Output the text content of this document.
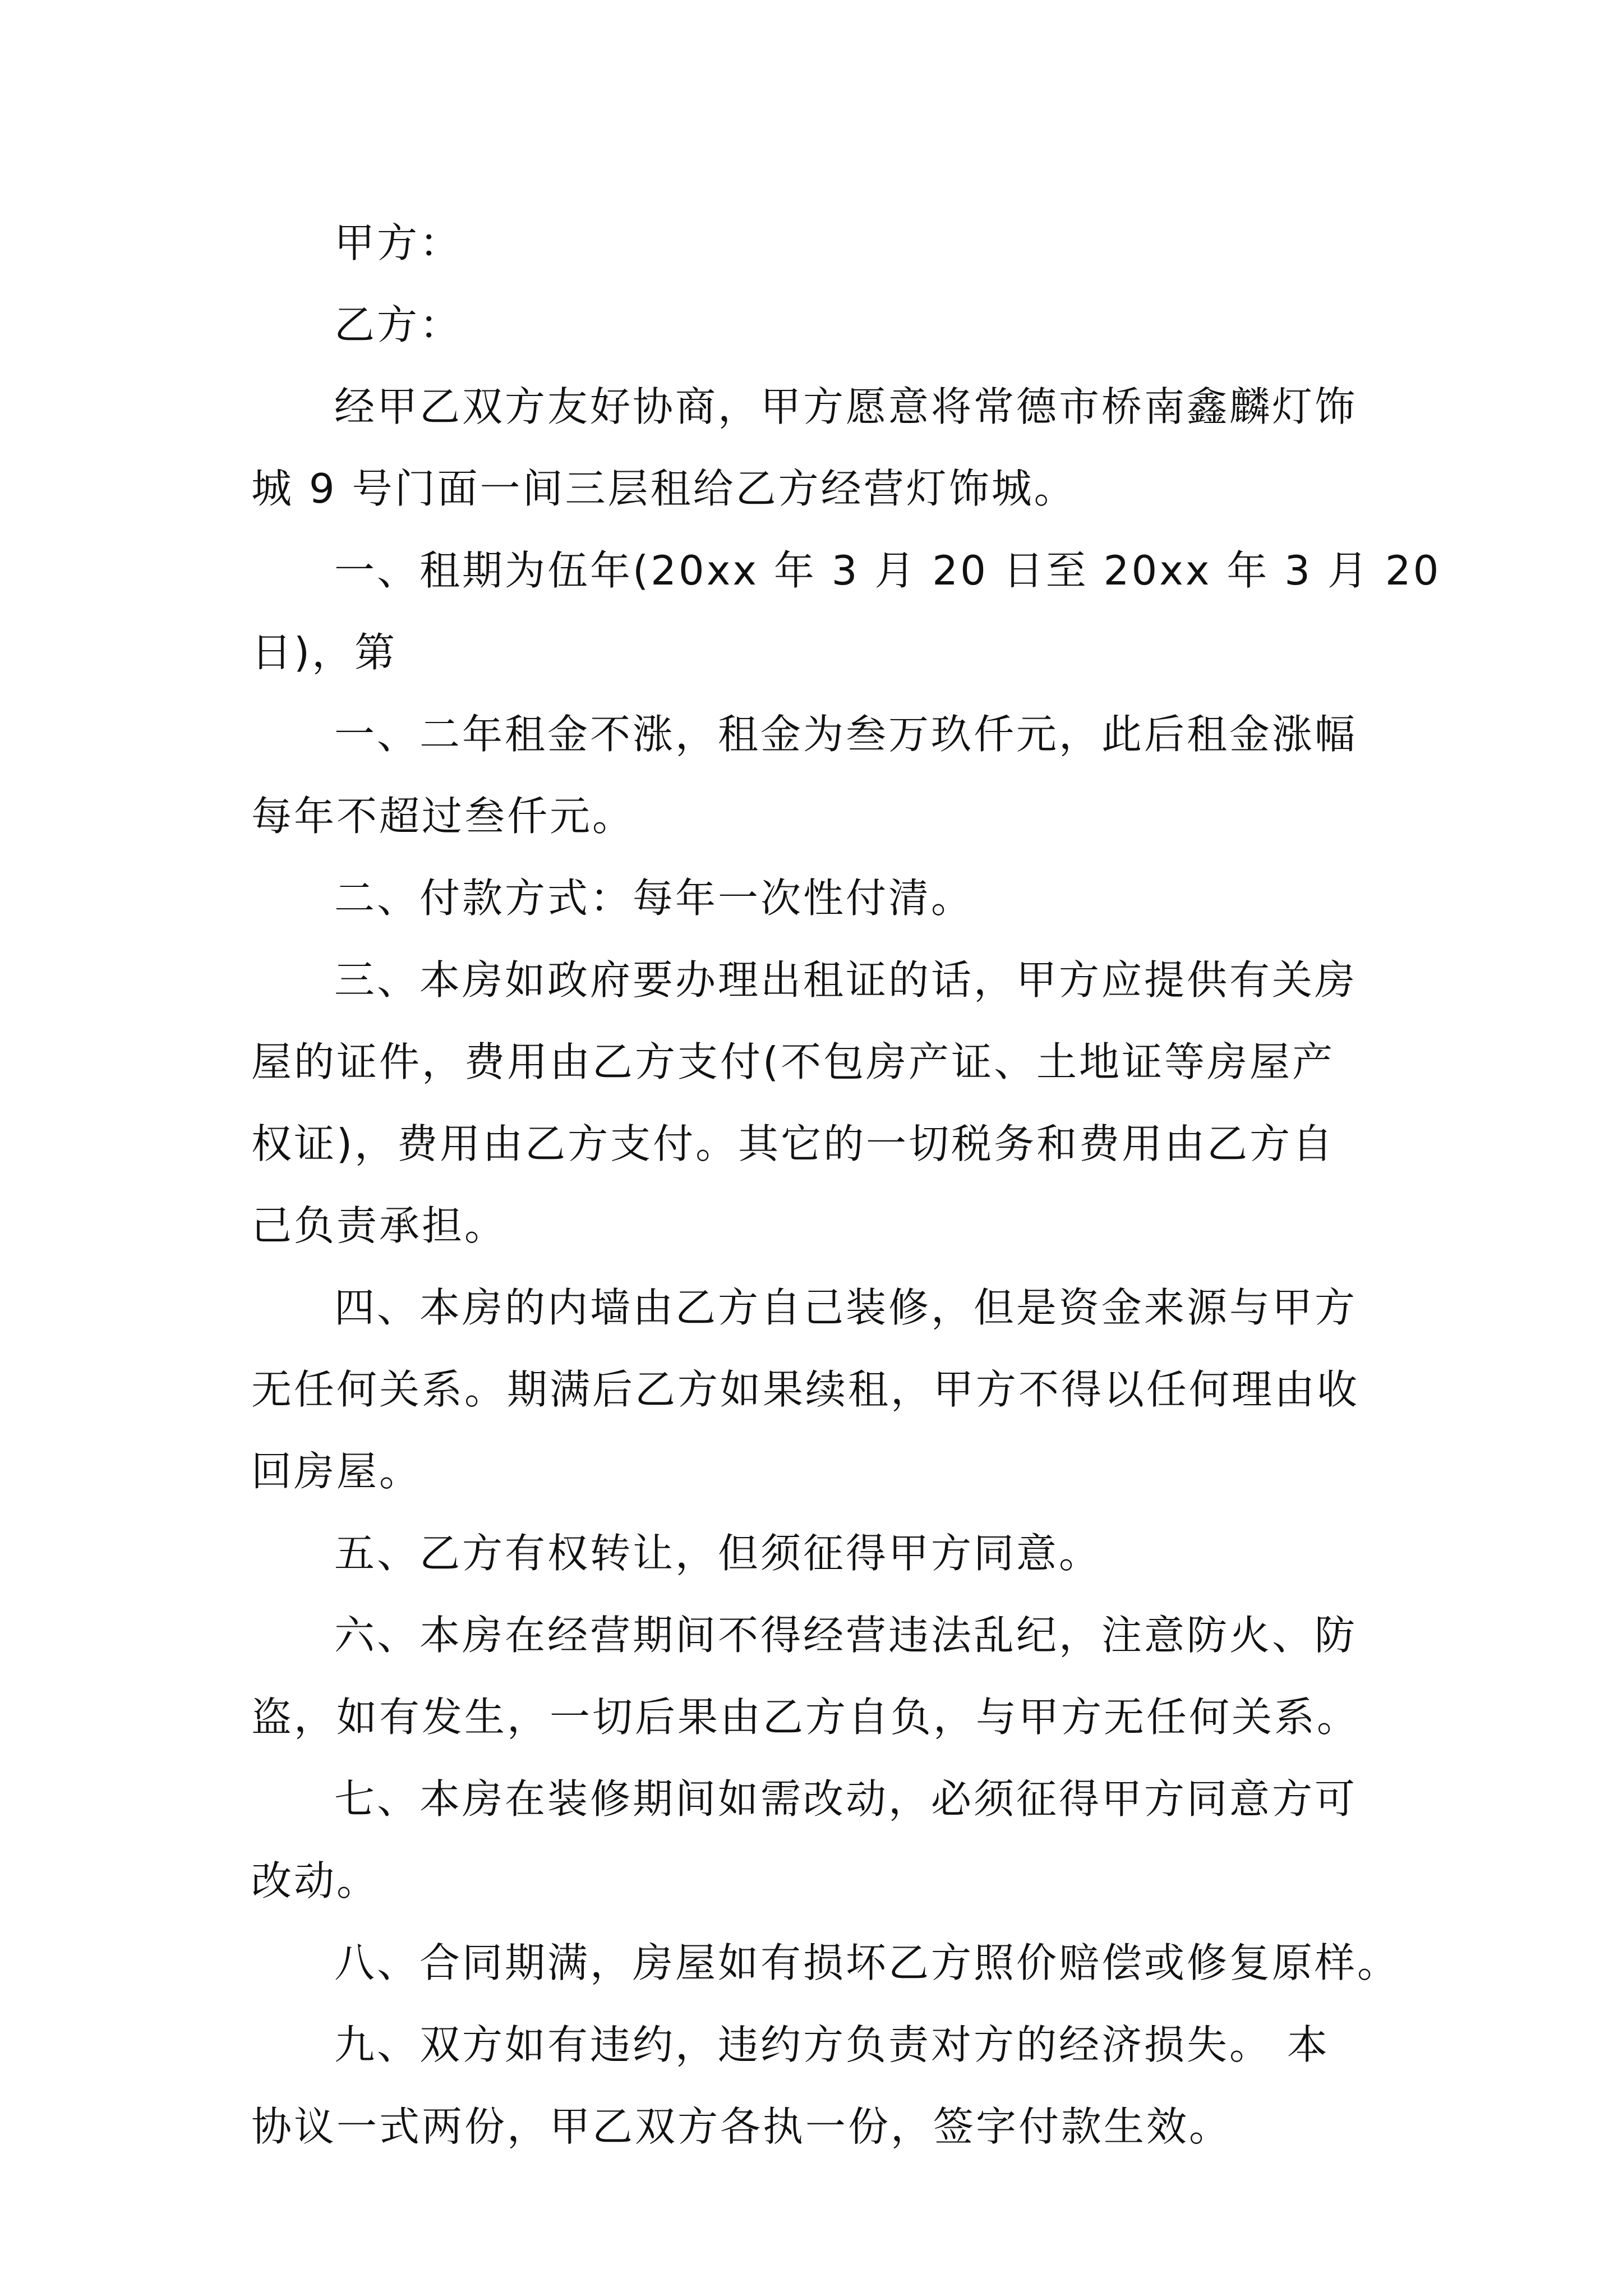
甲方：
乙方：
经甲乙双方友好协商，甲方愿意将常德市桥南鑫麟灯饰
城 9 号门面一间三层租给乙方经营灯饰城。
一、租期为伍年(20xx 年 3 月 20 日至 20xx 年 3 月 20
日)，第
一、二年租金不涨，租金为叁万玖仟元，此后租金涨幅
每年不超过叁仟元。
二、付款方式：每年一次性付清。
三、本房如政府要办理出租证的话，甲方应提供有关房
屋的证件，费用由乙方支付(不包房产证、土地证等房屋产
权证)，费用由乙方支付。其它的一切税务和费用由乙方自
己负责承担。
四、本房的内墙由乙方自己装修，但是资金来源与甲方
无任何关系。期满后乙方如果续租，甲方不得以任何理由收
回房屋。
五、乙方有权转让，但须征得甲方同意。
六、本房在经营期间不得经营违法乱纪，注意防火、防
盗，如有发生，一切后果由乙方自负，与甲方无任何关系。
七、本房在装修期间如需改动，必须征得甲方同意方可
改动。
八、合同期满，房屋如有损坏乙方照价赔偿或修复原样。
九、双方如有违约，违约方负责对方的经济损失。 本
协议一式两份，甲乙双方各执一份，签字付款生效。
